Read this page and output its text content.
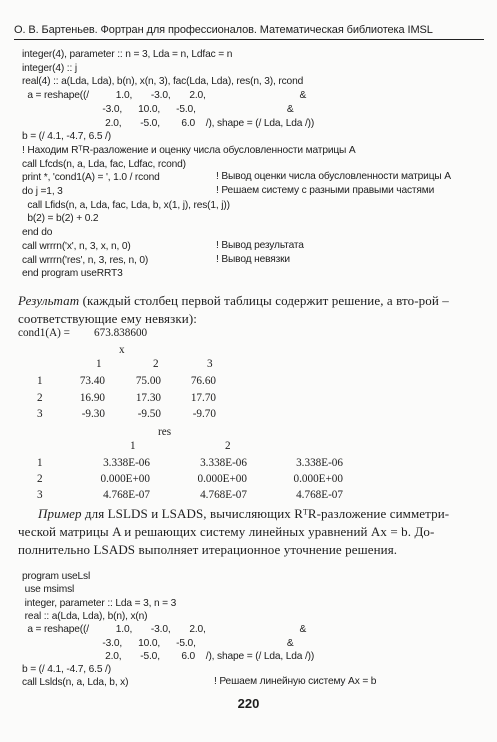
О. В. Бартеньев. Фортран для профессионалов. Математическая библиотека IMSL
integer(4), parameter :: n = 3, Lda = n, Ldfac = n
integer(4) :: j
real(4) :: a(Lda, Lda), b(n), x(n, 3), fac(Lda, Lda), res(n, 3), rcond
a = reshape((/          1.0,       -3.0,       2.0,                                   &
-3.0,      10.0,      -5.0,                                  &
2.0,       -5.0,        6.0    /), shape = (/ Lda, Lda /))
b = (/ 4.1, -4.7, 6.5 /)
! Находим RᵀR-разложение и оценку числа обусловленности матрицы A
call Lfcds(n, a, Lda, fac, Ldfac, rcond)
print *, 'cond1(A) = ', 1.0 / rcond	! Вывод оценки числа обусловленности матрицы A
do j =1, 3	! Решаем систему с разными правыми частями
call Lfids(n, a, Lda, fac, Lda, b, x(1, j), res(1, j))
b(2) = b(2) + 0.2
end do
call wrrrn('x', n, 3, x, n, 0)	! Вывод результата
call wrrrn('res', n, 3, res, n, 0)	! Вывод невязки
end program useRRT3

Результат (каждый столбец первой таблицы содержит решение, а вто-рой – соответствующие ему невязки):

cond1(A) = 673.838600
x
1	2	3
1	73.40	75.00	76.60
2	16.90	17.30	17.70
3	-9.30	-9.50	-9.70
res
1	2
1	3.338E-06	3.338E-06	3.338E-06
2	0.000E+00	0.000E+00	0.000E+00
3	4.768E-07	4.768E-07	4.768E-07

Пример для LSLDS и LSADS, вычисляющих RᵀR-разложение симметри-ческой матрицы A и решающих систему линейных уравнений Ax = b. До-полнительно LSADS выполняет итерационное уточнение решения.

program useLsl
use msimsl
integer, parameter :: Lda = 3, n = 3
real :: a(Lda, Lda), b(n), x(n)
a = reshape((/          1.0,       -3.0,       2.0,                                   &
-3.0,      10.0,      -5.0,                                  &
2.0,       -5.0,        6.0    /), shape = (/ Lda, Lda /))
b = (/ 4.1, -4.7, 6.5 /)
call Lslds(n, a, Lda, b, x)	! Решаем линейную систему Ax = b
220
